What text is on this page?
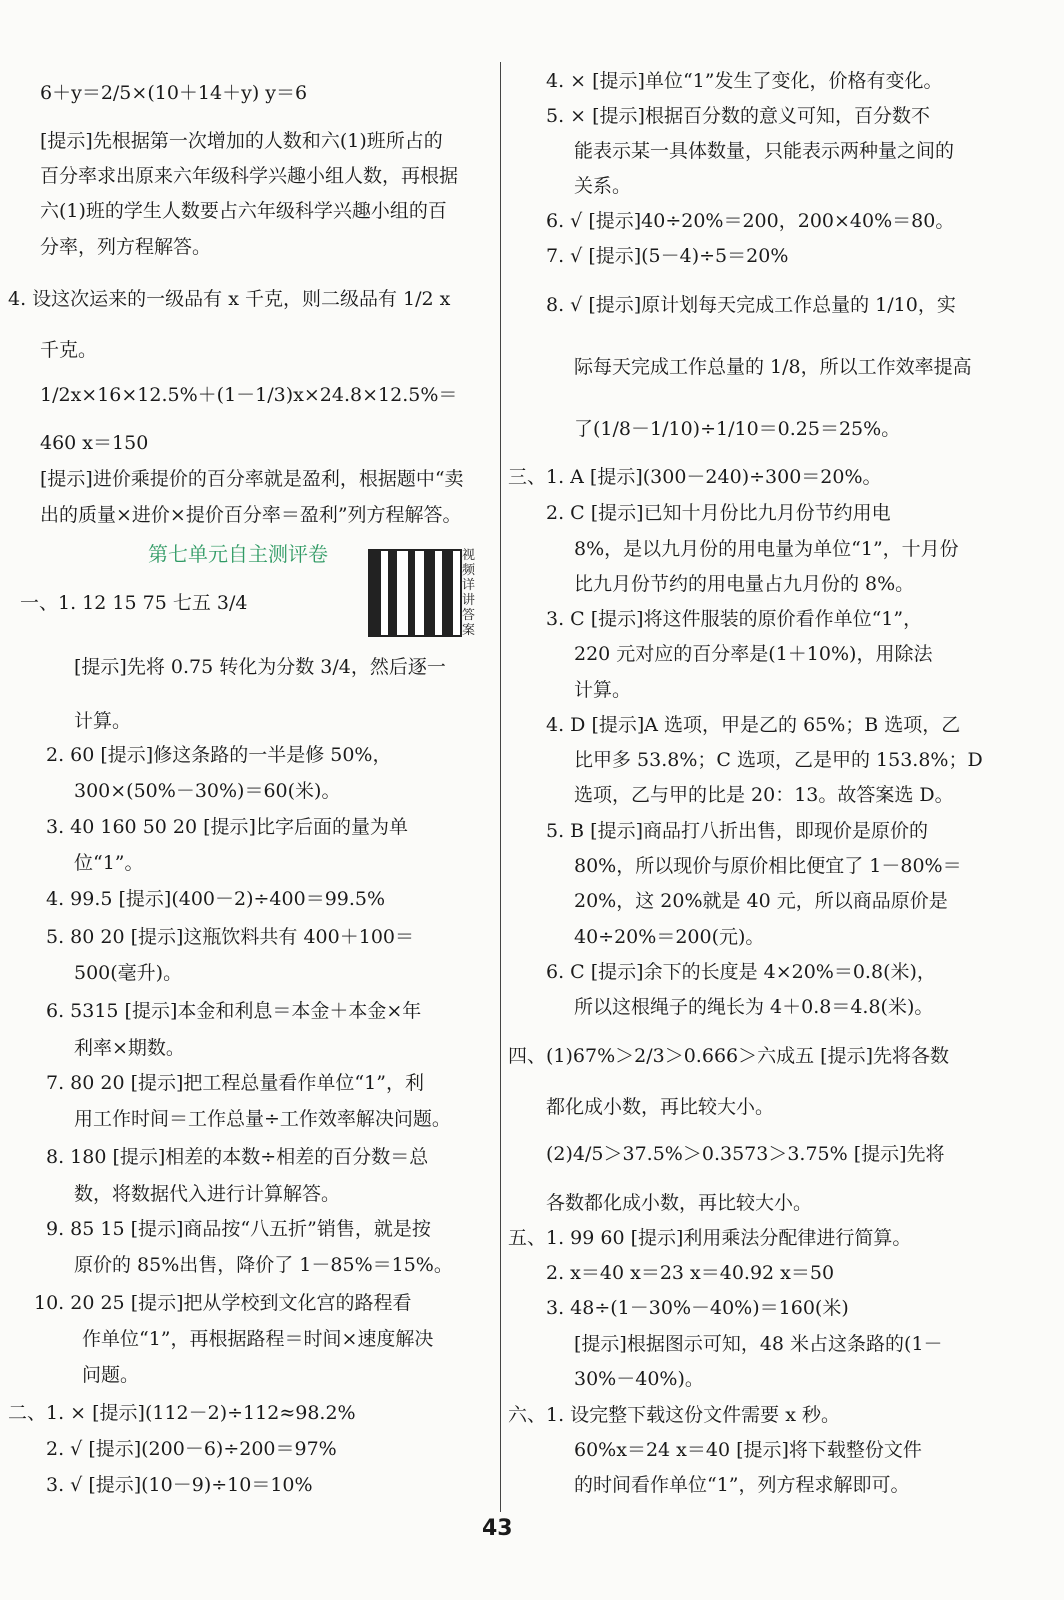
6＋y＝2/5×(10＋14＋y) y＝6
[提示]先根据第一次增加的人数和六(1)班所占的
百分率求出原来六年级科学兴趣小组人数，再根据
六(1)班的学生人数要占六年级科学兴趣小组的百
分率，列方程解答。
4. 设这次运来的一级品有 x 千克，则二级品有 1/2 x
千克。
1/2x×16×12.5%＋(1－1/3)x×24.8×12.5%＝
460 x＝150
[提示]进价乘提价的百分率就是盈利，根据题中“卖
出的质量×进价×提价百分率＝盈利”列方程解答。
一、1. 12 15 75 七五 3/4
[提示]先将 0.75 转化为分数 3/4，然后逐一
计算。
2. 60 [提示]修这条路的一半是修 50%，
300×(50%－30%)＝60(米)。
3. 40 160 50 20 [提示]比字后面的量为单
位“1”。
4. 99.5 [提示](400－2)÷400＝99.5%
5. 80 20 [提示]这瓶饮料共有 400＋100＝
500(毫升)。
6. 5315 [提示]本金和利息＝本金＋本金×年
利率×期数。
7. 80 20 [提示]把工程总量看作单位“1”，利
用工作时间＝工作总量÷工作效率解决问题。
8. 180 [提示]相差的本数÷相差的百分数＝总
数，将数据代入进行计算解答。
9. 85 15 [提示]商品按“八五折”销售，就是按
原价的 85%出售，降价了 1－85%＝15%。
10. 20 25 [提示]把从学校到文化宫的路程看
作单位“1”，再根据路程＝时间×速度解决
问题。
二、1. × [提示](112－2)÷112≈98.2%
2. √ [提示](200－6)÷200＝97%
3. √ [提示](10－9)÷10＝10%
4. × [提示]单位“1”发生了变化，价格有变化。
5. × [提示]根据百分数的意义可知，百分数不
能表示某一具体数量，只能表示两种量之间的
关系。
6. √ [提示]40÷20%＝200，200×40%＝80。
7. √ [提示](5－4)÷5＝20%
8. √ [提示]原计划每天完成工作总量的 1/10，实
际每天完成工作总量的 1/8，所以工作效率提高
了(1/8－1/10)÷1/10＝0.25＝25%。
三、1. A [提示](300－240)÷300＝20%。
2. C [提示]已知十月份比九月份节约用电
8%，是以九月份的用电量为单位“1”，十月份
比九月份节约的用电量占九月份的 8%。
3. C [提示]将这件服装的原价看作单位“1”，
220 元对应的百分率是(1＋10%)，用除法
计算。
4. D [提示]A 选项，甲是乙的 65%；B 选项，乙
比甲多 53.8%；C 选项，乙是甲的 153.8%；D
选项，乙与甲的比是 20：13。故答案选 D。
5. B [提示]商品打八折出售，即现价是原价的
80%，所以现价与原价相比便宜了 1－80%＝
20%，这 20%就是 40 元，所以商品原价是
40÷20%＝200(元)。
6. C [提示]余下的长度是 4×20%＝0.8(米)，
所以这根绳子的绳长为 4＋0.8＝4.8(米)。
四、(1)67%＞2/3＞0.666＞六成五 [提示]先将各数
都化成小数，再比较大小。
(2)4/5＞37.5%＞0.3573＞3.75% [提示]先将
各数都化成小数，再比较大小。
五、1. 99 60 [提示]利用乘法分配律进行简算。
2. x＝40 x＝23 x＝40.92 x＝50
3. 48÷(1－30%－40%)＝160(米)
[提示]根据图示可知，48 米占这条路的(1－
30%－40%)。
六、1. 设完整下载这份文件需要 x 秒。
60%x＝24 x＝40 [提示]将下载整份文件
的时间看作单位“1”，列方程求解即可。
第七单元自主测评卷	视频详讲答案
43
